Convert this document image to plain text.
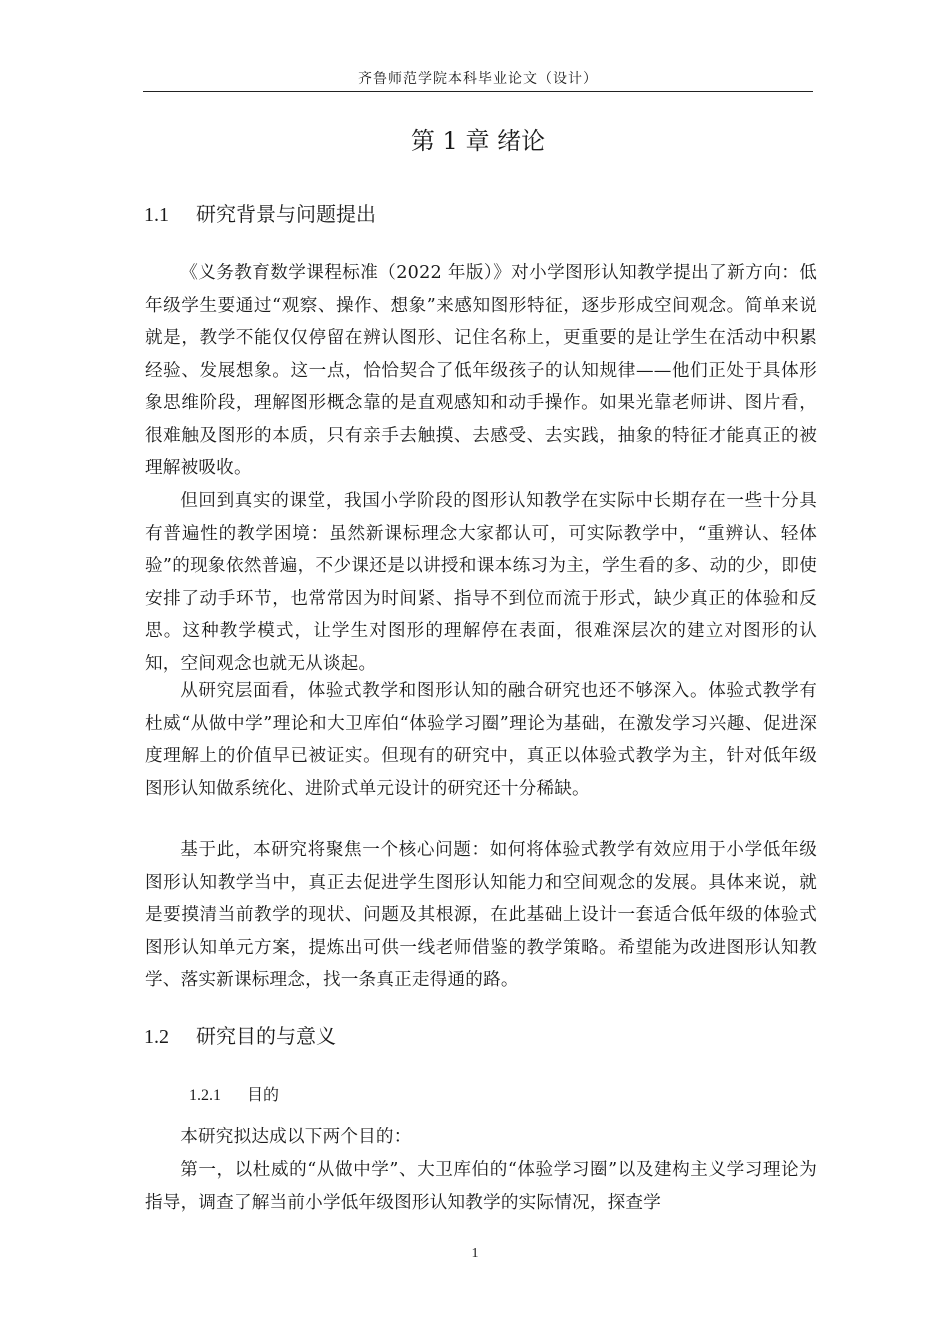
齐鲁师范学院本科毕业论文（设计）
第 1 章 绪论
1.1 研究背景与问题提出

《义务教育数学课程标准（2022 年版）》对小学图形认知教学提出了新方向：低年级学生要通过“观察、操作、想象”来感知图形特征，逐步形成空间观念。简单来说就是，教学不能仅仅停留在辨认图形、记住名称上，更重要的是让学生在活动中积累经验、发展想象。这一点，恰恰契合了低年级孩子的认知规律——他们正处于具体形象思维阶段，理解图形概念靠的是直观感知和动手操作。如果光靠老师讲、图片看，很难触及图形的本质，只有亲手去触摸、去感受、去实践，抽象的特征才能真正的被理解被吸收。

但回到真实的课堂，我国小学阶段的图形认知教学在实际中长期存在一些十分具有普遍性的教学困境：虽然新课标理念大家都认可，可实际教学中，“重辨认、轻体验”的现象依然普遍，不少课还是以讲授和课本练习为主，学生看的多、动的少，即使安排了动手环节，也常常因为时间紧、指导不到位而流于形式，缺少真正的体验和反思。这种教学模式，让学生对图形的理解停在表面，很难深层次的建立对图形的认知，空间观念也就无从谈起。

从研究层面看，体验式教学和图形认知的融合研究也还不够深入。体验式教学有杜威“从做中学”理论和大卫库伯“体验学习圈”理论为基础，在激发学习兴趣、促进深度理解上的价值早已被证实。但现有的研究中，真正以体验式教学为主，针对低年级图形认知做系统化、进阶式单元设计的研究还十分稀缺。

基于此，本研究将聚焦一个核心问题：如何将体验式教学有效应用于小学低年级图形认知教学当中，真正去促进学生图形认知能力和空间观念的发展。具体来说，就是要摸清当前教学的现状、问题及其根源，在此基础上设计一套适合低年级的体验式图形认知单元方案，提炼出可供一线老师借鉴的教学策略。希望能为改进图形认知教学、落实新课标理念，找一条真正走得通的路。

1.2 研究目的与意义
1.2.1 目的

本研究拟达成以下两个目的：

第一，以杜威的“从做中学”、大卫库伯的“体验学习圈”以及建构主义学习理论为指导，调查了解当前小学低年级图形认知教学的实际情况，探查学

1
